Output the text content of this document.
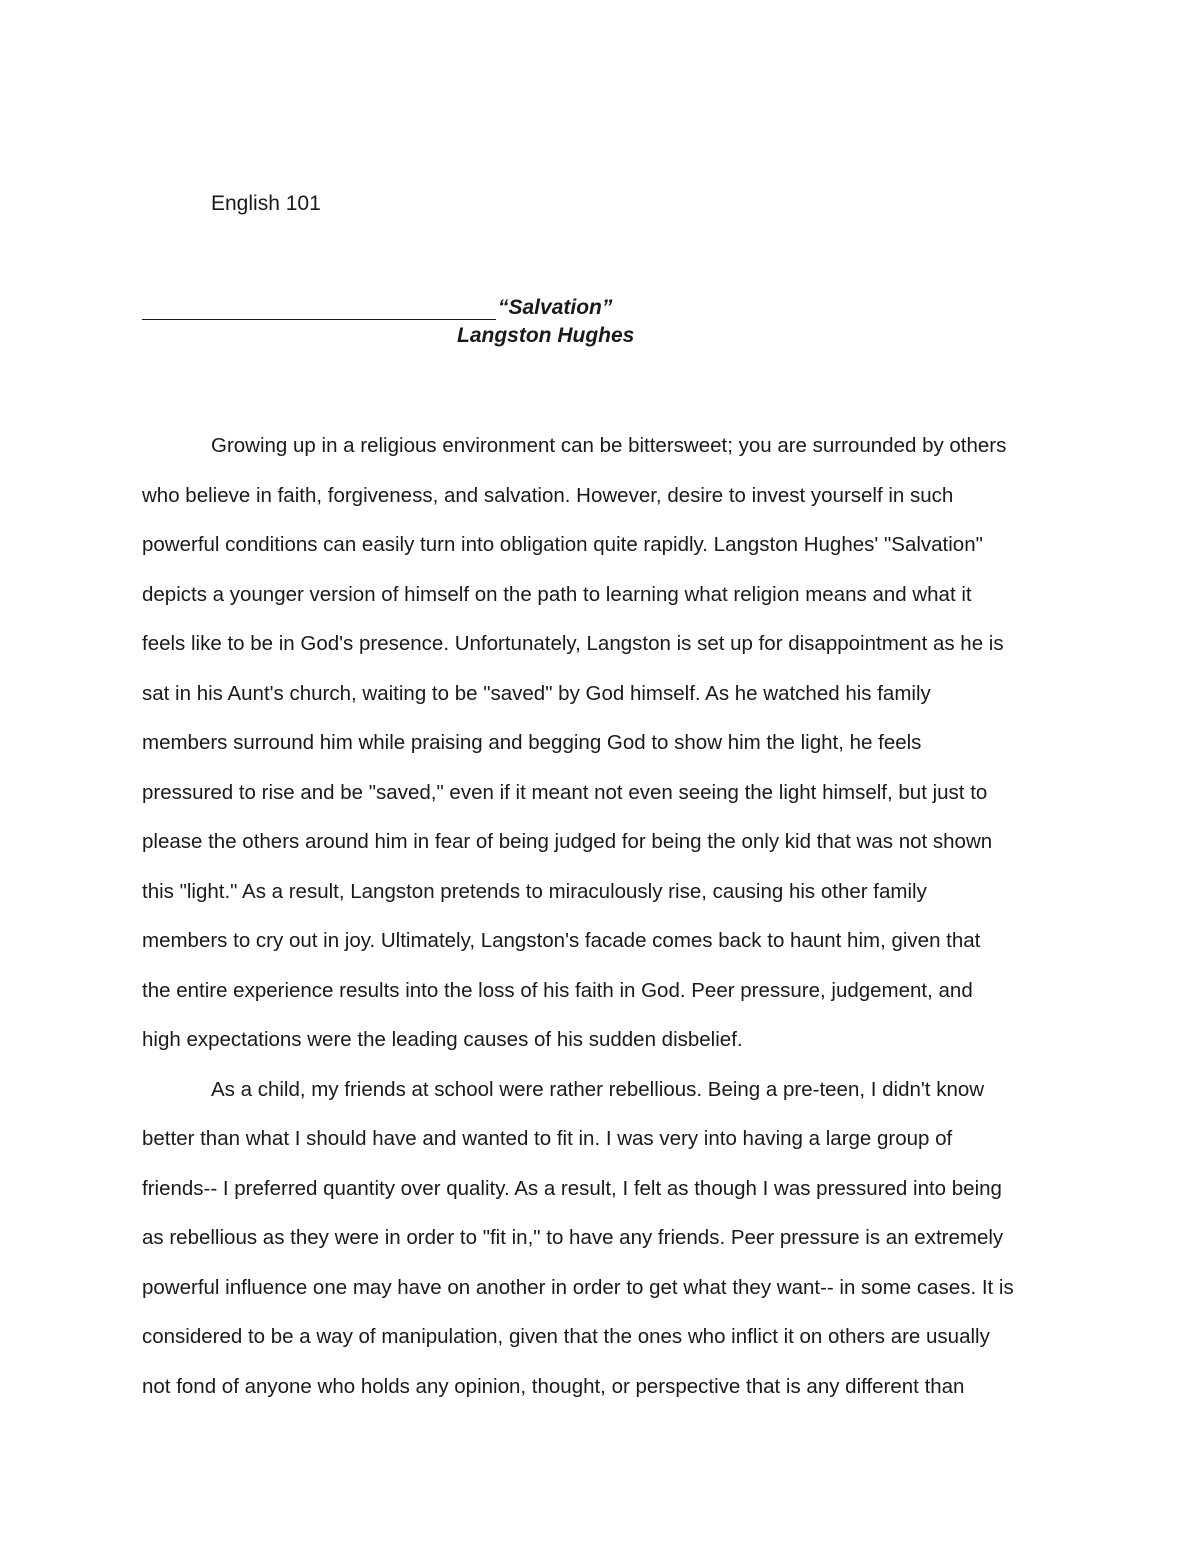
English 101
“Salvation”
Langston Hughes
Growing up in a religious environment can be bittersweet; you are surrounded by others
who believe in faith, forgiveness, and salvation. However, desire to invest yourself in such
powerful conditions can easily turn into obligation quite rapidly. Langston Hughes' "Salvation"
depicts a younger version of himself on the path to learning what religion means and what it
feels like to be in God's presence. Unfortunately, Langston is set up for disappointment as he is
sat in his Aunt's church, waiting to be "saved" by God himself. As he watched his family
members surround him while praising and begging God to show him the light, he feels
pressured to rise and be "saved," even if it meant not even seeing the light himself, but just to
please the others around him in fear of being judged for being the only kid that was not shown
this "light." As a result, Langston pretends to miraculously rise, causing his other family
members to cry out in joy. Ultimately, Langston's facade comes back to haunt him, given that
the entire experience results into the loss of his faith in God. Peer pressure, judgement, and
high expectations were the leading causes of his sudden disbelief.
As a child, my friends at school were rather rebellious. Being a pre-teen, I didn't know
better than what I should have and wanted to fit in. I was very into having a large group of
friends-- I preferred quantity over quality. As a result, I felt as though I was pressured into being
as rebellious as they were in order to "fit in," to have any friends. Peer pressure is an extremely
powerful influence one may have on another in order to get what they want-- in some cases. It is
considered to be a way of manipulation, given that the ones who inflict it on others are usually
not fond of anyone who holds any opinion, thought, or perspective that is any different than
